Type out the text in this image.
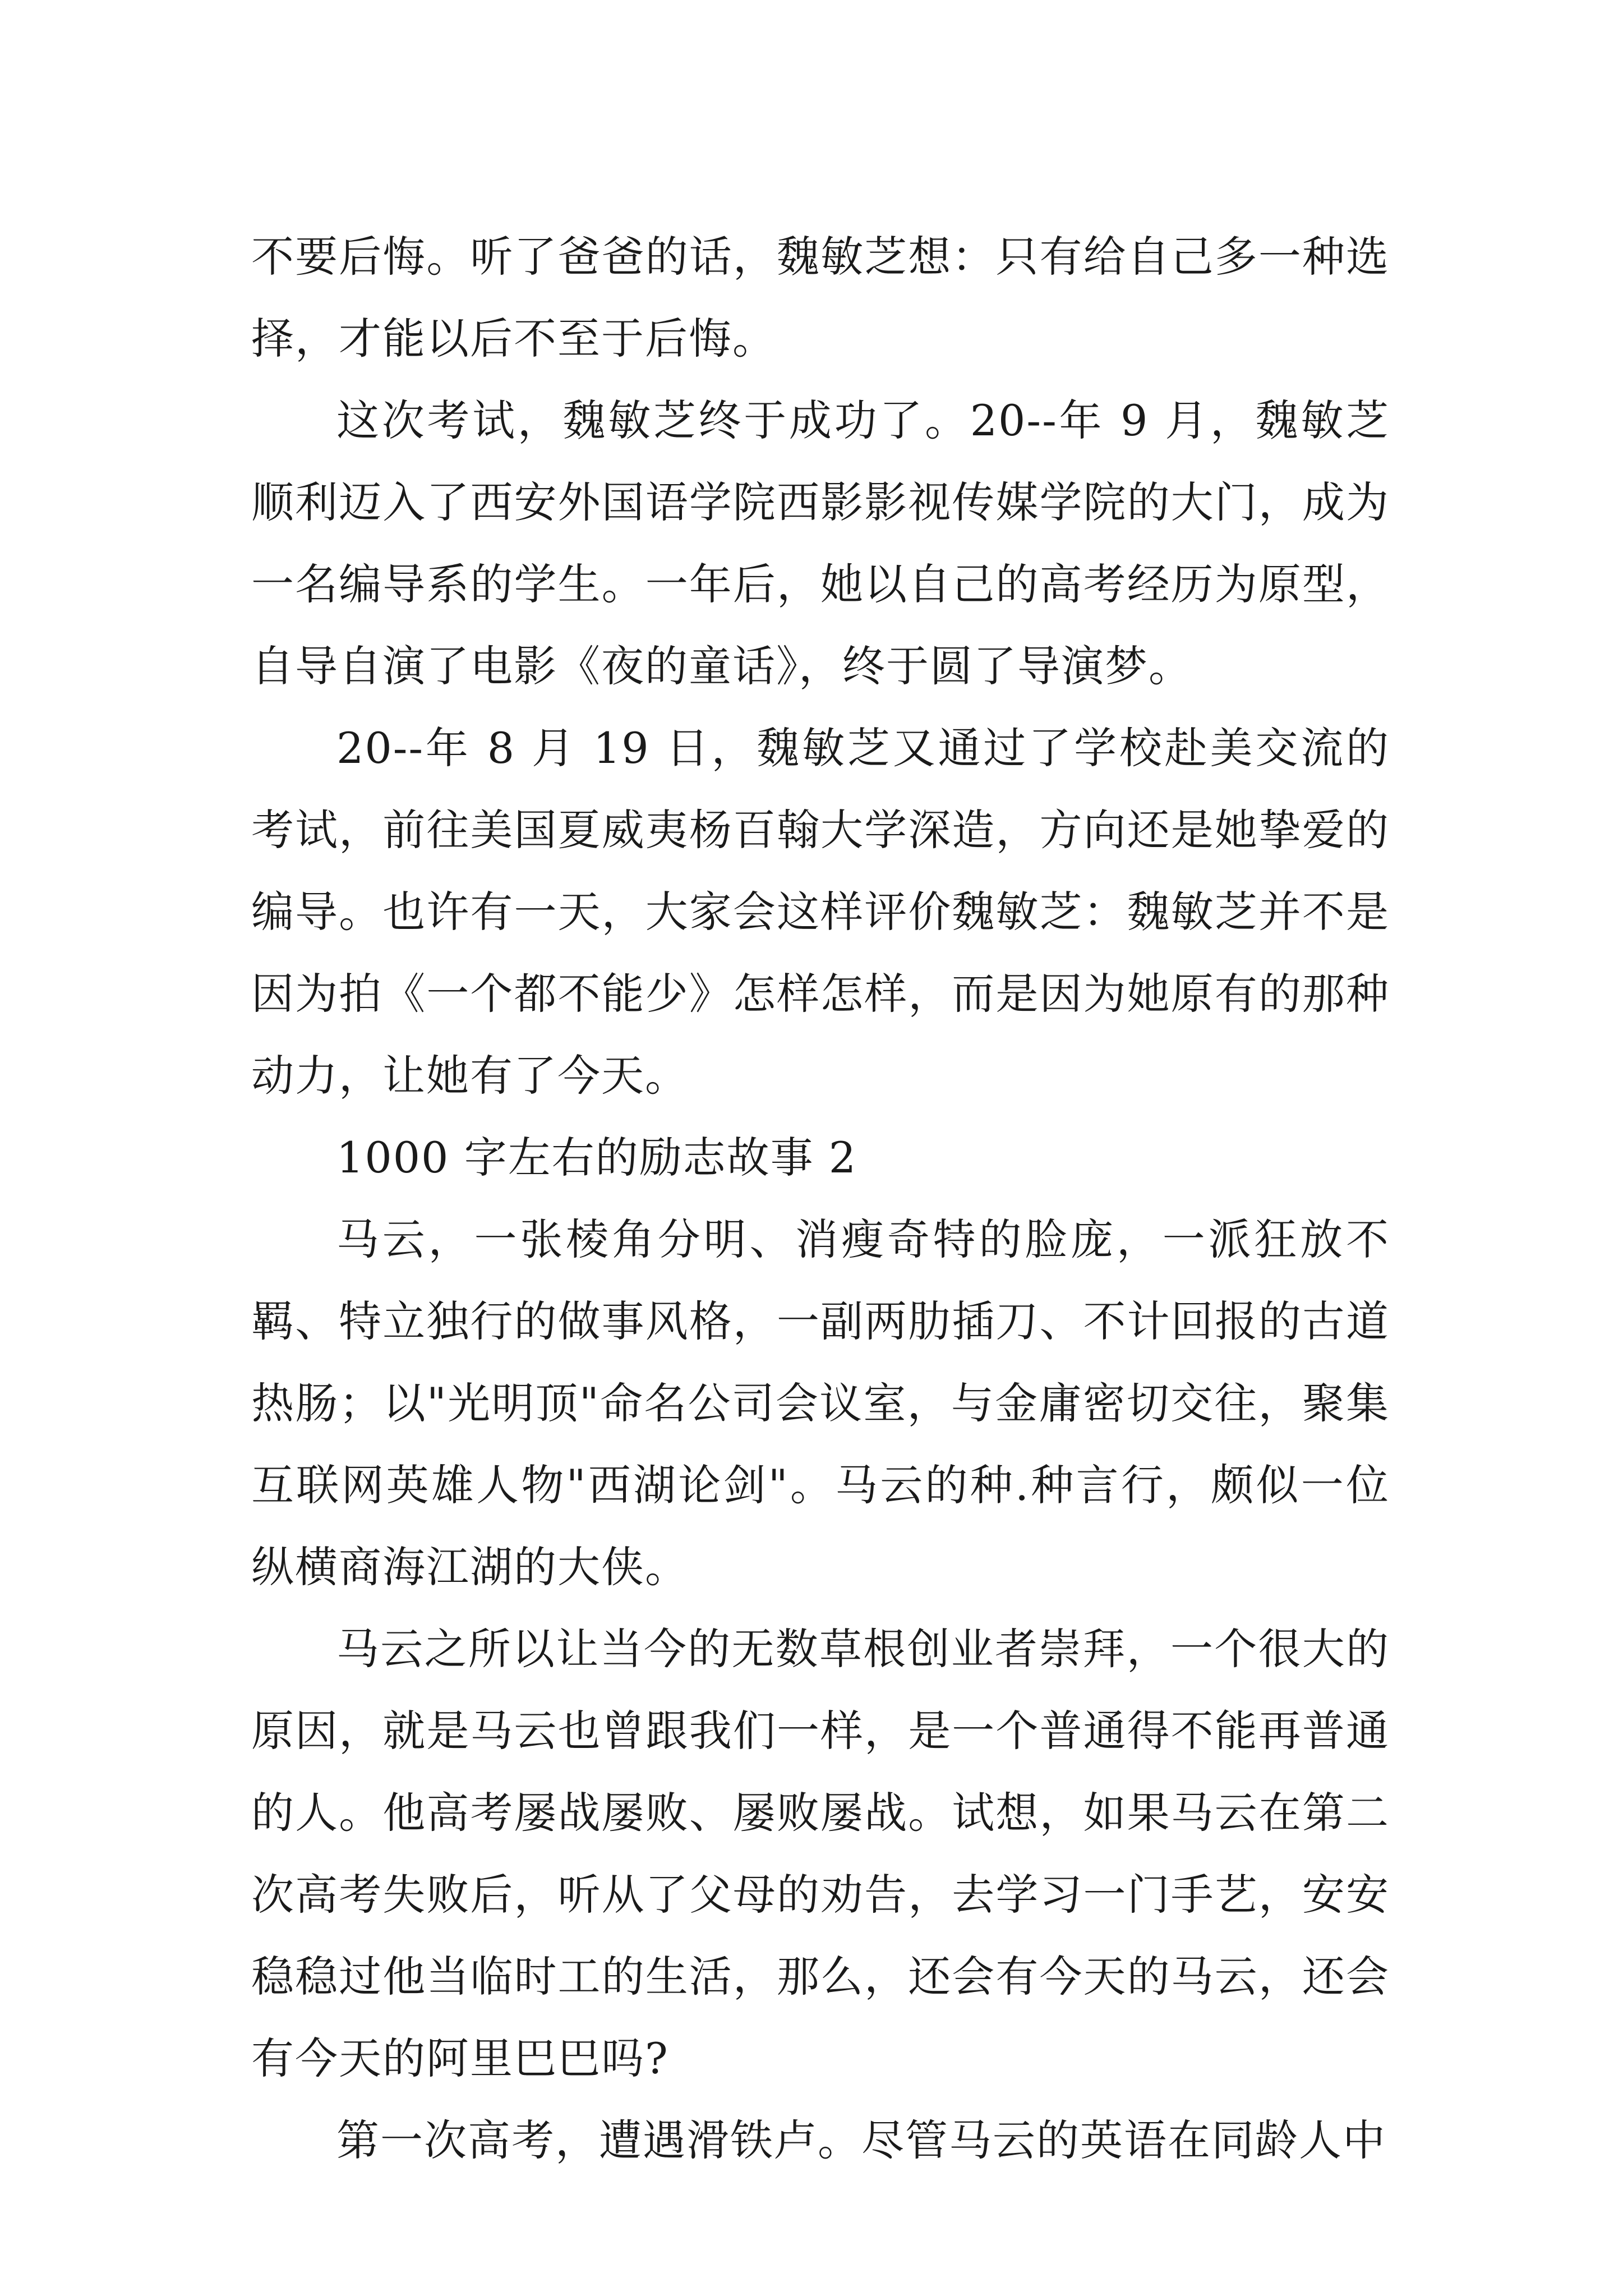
不要后悔。听了爸爸的话，魏敏芝想：只有给自己多一种选择，才能以后不至于后悔。

这次考试，魏敏芝终于成功了。20--年 9 月，魏敏芝顺利迈入了西安外国语学院西影影视传媒学院的大门，成为一名编导系的学生。一年后，她以自己的高考经历为原型，自导自演了电影《夜的童话》，终于圆了导演梦。

20--年 8 月 19 日，魏敏芝又通过了学校赴美交流的考试，前往美国夏威夷杨百翰大学深造，方向还是她挚爱的编导。也许有一天，大家会这样评价魏敏芝：魏敏芝并不是因为拍《一个都不能少》怎样怎样，而是因为她原有的那种动力，让她有了今天。

1000 字左右的励志故事 2

马云，一张棱角分明、消瘦奇特的脸庞，一派狂放不羁、特立独行的做事风格，一副两肋插刀、不计回报的古道热肠；以"光明顶"命名公司会议室，与金庸密切交往，聚集互联网英雄人物"西湖论剑"。马云的种.种言行，颇似一位纵横商海江湖的大侠。

马云之所以让当今的无数草根创业者崇拜，一个很大的原因，就是马云也曾跟我们一样，是一个普通得不能再普通的人。他高考屡战屡败、屡败屡战。试想，如果马云在第二次高考失败后，听从了父母的劝告，去学习一门手艺，安安稳稳过他当临时工的生活，那么，还会有今天的马云，还会有今天的阿里巴巴吗?

第一次高考，遭遇滑铁卢。尽管马云的英语在同龄人中
